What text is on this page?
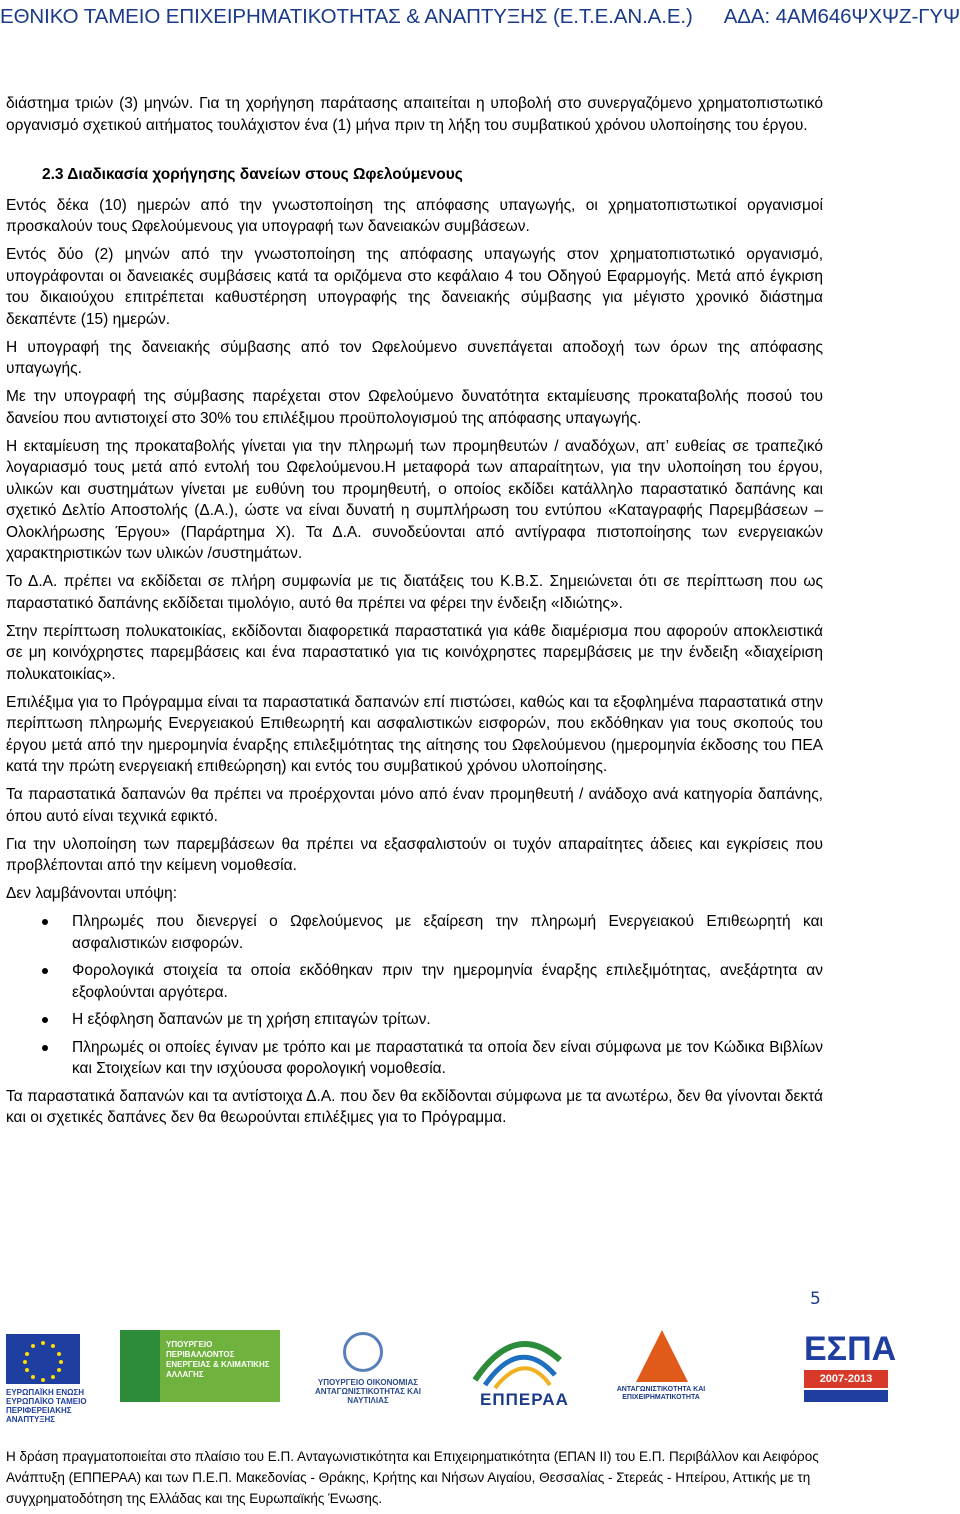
ΕΘΝΙΚΟ ΤΑΜΕΙΟ ΕΠΙΧΕΙΡΗΜΑΤΙΚΟΤΗΤΑΣ & ΑΝΑΠΤΥΞΗΣ (Ε.Τ.Ε.ΑΝ.Α.Ε.) ΑΔΑ: 4ΑΜ646ΨΧΨΖ-ΓΥΨ

διάστημα τριών (3) μηνών. Για τη χορήγηση παράτασης απαιτείται η υποβολή στο συνεργαζόμενο χρηματοπιστωτικό οργανισμό σχετικού αιτήματος τουλάχιστον ένα (1) μήνα πριν τη λήξη του συμβατικού χρόνου υλοποίησης του έργου.

2.3 Διαδικασία χορήγησης δανείων στους Ωφελούμενους

Εντός δέκα (10) ημερών από την γνωστοποίηση της απόφασης υπαγωγής, οι χρηματοπιστωτικοί οργανισμοί προσκαλούν τους Ωφελούμενους για υπογραφή των δανειακών συμβάσεων.

Εντός δύο (2) μηνών από την γνωστοποίηση της απόφασης υπαγωγής στον χρηματοπιστωτικό οργανισμό, υπογράφονται οι δανειακές συμβάσεις κατά τα οριζόμενα στο κεφάλαιο 4 του Οδηγού Εφαρμογής. Μετά από έγκριση του δικαιούχου επιτρέπεται καθυστέρηση υπογραφής της δανειακής σύμβασης για μέγιστο χρονικό διάστημα δεκαπέντε (15) ημερών.

Η υπογραφή της δανειακής σύμβασης από τον Ωφελούμενο συνεπάγεται αποδοχή των όρων της απόφασης υπαγωγής.

Με την υπογραφή της σύμβασης παρέχεται στον Ωφελούμενο δυνατότητα εκταμίευσης προκαταβολής ποσού του δανείου που αντιστοιχεί στο 30% του επιλέξιμου προϋπολογισμού της απόφασης υπαγωγής.

Η εκταμίευση της προκαταβολής γίνεται για την πληρωμή των προμηθευτών / αναδόχων, απ’ ευθείας σε τραπεζικό λογαριασμό τους μετά από εντολή του Ωφελούμενου.Η μεταφορά των απαραίτητων, για την υλοποίηση του έργου, υλικών και συστημάτων γίνεται με ευθύνη του προμηθευτή, ο οποίος εκδίδει κατάλληλο παραστατικό δαπάνης και σχετικό Δελτίο Αποστολής (Δ.Α.), ώστε να είναι δυνατή η συμπλήρωση του εντύπου «Καταγραφής Παρεμβάσεων – Ολοκλήρωσης Έργου» (Παράρτημα Χ). Τα Δ.Α. συνοδεύονται από αντίγραφα πιστοποίησης των ενεργειακών χαρακτηριστικών των υλικών /συστημάτων.

Το Δ.Α. πρέπει να εκδίδεται σε πλήρη συμφωνία με τις διατάξεις του Κ.Β.Σ. Σημειώνεται ότι σε περίπτωση που ως παραστατικό δαπάνης εκδίδεται τιμολόγιο, αυτό θα πρέπει να φέρει την ένδειξη «Ιδιώτης».

Στην περίπτωση πολυκατοικίας, εκδίδονται διαφορετικά παραστατικά για κάθε διαμέρισμα που αφορούν αποκλειστικά σε μη κοινόχρηστες παρεμβάσεις και ένα παραστατικό για τις κοινόχρηστες παρεμβάσεις με την ένδειξη «διαχείριση πολυκατοικίας».

Επιλέξιμα για το Πρόγραμμα είναι τα παραστατικά δαπανών επί πιστώσει, καθώς και τα εξοφλημένα παραστατικά στην περίπτωση πληρωμής Ενεργειακού Επιθεωρητή και ασφαλιστικών εισφορών, που εκδόθηκαν για τους σκοπούς του έργου μετά από την ημερομηνία έναρξης επιλεξιμότητας της αίτησης του Ωφελούμενου (ημερομηνία έκδοσης του ΠΕΑ κατά την πρώτη ενεργειακή επιθεώρηση) και εντός του συμβατικού χρόνου υλοποίησης.

Τα παραστατικά δαπανών θα πρέπει να προέρχονται μόνο από έναν προμηθευτή / ανάδοχο ανά κατηγορία δαπάνης, όπου αυτό είναι τεχνικά εφικτό.

Για την υλοποίηση των παρεμβάσεων θα πρέπει να εξασφαλιστούν οι τυχόν απαραίτητες άδειες και εγκρίσεις που προβλέπονται από την κείμενη νομοθεσία.

Δεν λαμβάνονται υπόψη:

Πληρωμές που διενεργεί ο Ωφελούμενος με εξαίρεση την πληρωμή Ενεργειακού Επιθεωρητή και ασφαλιστικών εισφορών.
Φορολογικά στοιχεία τα οποία εκδόθηκαν πριν την ημερομηνία έναρξης επιλεξιμότητας, ανεξάρτητα αν εξοφλούνται αργότερα.
Η εξόφληση δαπανών με τη χρήση επιταγών τρίτων.
Πληρωμές οι οποίες έγιναν με τρόπο και με παραστατικά τα οποία δεν είναι σύμφωνα με τον Κώδικα Βιβλίων και Στοιχείων και την ισχύουσα φορολογική νομοθεσία.

Τα παραστατικά δαπανών και τα αντίστοιχα Δ.Α. που δεν θα εκδίδονται σύμφωνα με τα ανωτέρω, δεν θα γίνονται δεκτά και οι σχετικές δαπάνες δεν θα θεωρούνται επιλέξιμες για το Πρόγραμμα.

5
ΕΥΡΩΠΑΪΚΗ ΕΝΩΣΗ ΕΥΡΩΠΑΪΚΟ ΤΑΜΕΙΟ ΠΕΡΙΦΕΡΕΙΑΚΗΣ ΑΝΑΠΤΥΞΗΣ
ΥΠΟΥΡΓΕΙΟ ΠΕΡΙΒΑΛΛΟΝΤΟΣ ΕΝΕΡΓΕΙΑΣ & ΚΛΙΜΑΤΙΚΗΣ ΑΛΛΑΓΗΣ
ΥΠΟΥΡΓΕΙΟ ΟΙΚΟΝΟΜΙΑΣ ΑΝΤΑΓΩΝΙΣΤΙΚΟΤΗΤΑΣ ΚΑΙ ΝΑΥΤΙΛΙΑΣ	ΕΠΠΕΡΑΑ
ΑΝΤΑΓΩΝΙΣΤΙΚΟΤΗΤΑ ΚΑΙ ΕΠΙΧΕΙΡΗΜΑΤΙΚΟΤΗΤΑ
ΕΣΠΑ
2007-2013
Η δράση πραγματοποιείται στο πλαίσιο του Ε.Π. Ανταγωνιστικότητα και Επιχειρηματικότητα (ΕΠΑΝ ΙΙ) του Ε.Π. Περιβάλλον και Αειφόρος Ανάπτυξη (ΕΠΠΕΡΑΑ) και των Π.Ε.Π. Μακεδονίας - Θράκης, Κρήτης και Νήσων Αιγαίου, Θεσσαλίας - Στερεάς - Ηπείρου, Αττικής με τη συγχρηματοδότηση της Ελλάδας και της Ευρωπαϊκής Ένωσης.
